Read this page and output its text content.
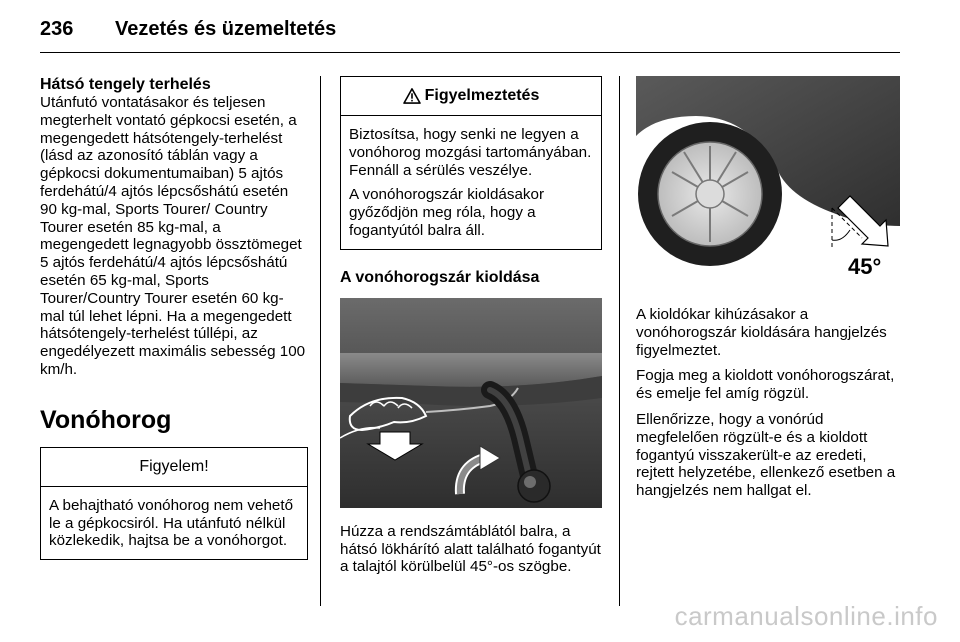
236 Vezetés és üzemeltetés
Hátsó tengely terhelés

Utánfutó vontatásakor és teljesen megterhelt vontató gépkocsi esetén, a megengedett hátsótengely-terhelést (lásd az azonosító táblán vagy a gépkocsi dokumentumaiban) 5 ajtós ferdehátú/4 ajtós lépcsőshátú esetén 90 kg-mal, Sports Tourer/ Country Tourer esetén 85 kg-mal, a megengedett legnagyobb össztömeget 5 ajtós ferdehátú/4 ajtós lépcsőshátú esetén 65 kg-mal, Sports Tourer/Country Tourer esetén 60 kg-mal túl lehet lépni. Ha a megengedett hátsótengely-terhelést túllépi, az engedélyezett maximális sebesség 100 km/h.

Vonóhorog
Figyelem!

A behajtható vonóhorog nem vehető le a gépkocsiról. Ha utánfutó nélkül közlekedik, hajtsa be a vonóhorgot.

Figyelmeztetés

Biztosítsa, hogy senki ne legyen a vonóhorog mozgási tartományában. Fennáll a sérülés veszélye.

A vonóhorogszár kioldásakor győződjön meg róla, hogy a fogantyútól balra áll.

A vonóhorogszár kioldása

Húzza a rendszámtáblától balra, a hátsó lökhárító alatt található fogantyút a talajtól körülbelül 45°-os szögbe.

45°

A kioldókar kihúzásakor a vonóhorogszár kioldására hangjelzés figyelmeztet.

Fogja meg a kioldott vonóhorogszárat, és emelje fel amíg rögzül.

Ellenőrizze, hogy a vonórúd megfelelően rögzült-e és a kioldott fogantyú visszakerült-e az eredeti, rejtett helyzetébe, ellenkező esetben a hangjelzés nem hallgat el.

carmanualsonline.info
